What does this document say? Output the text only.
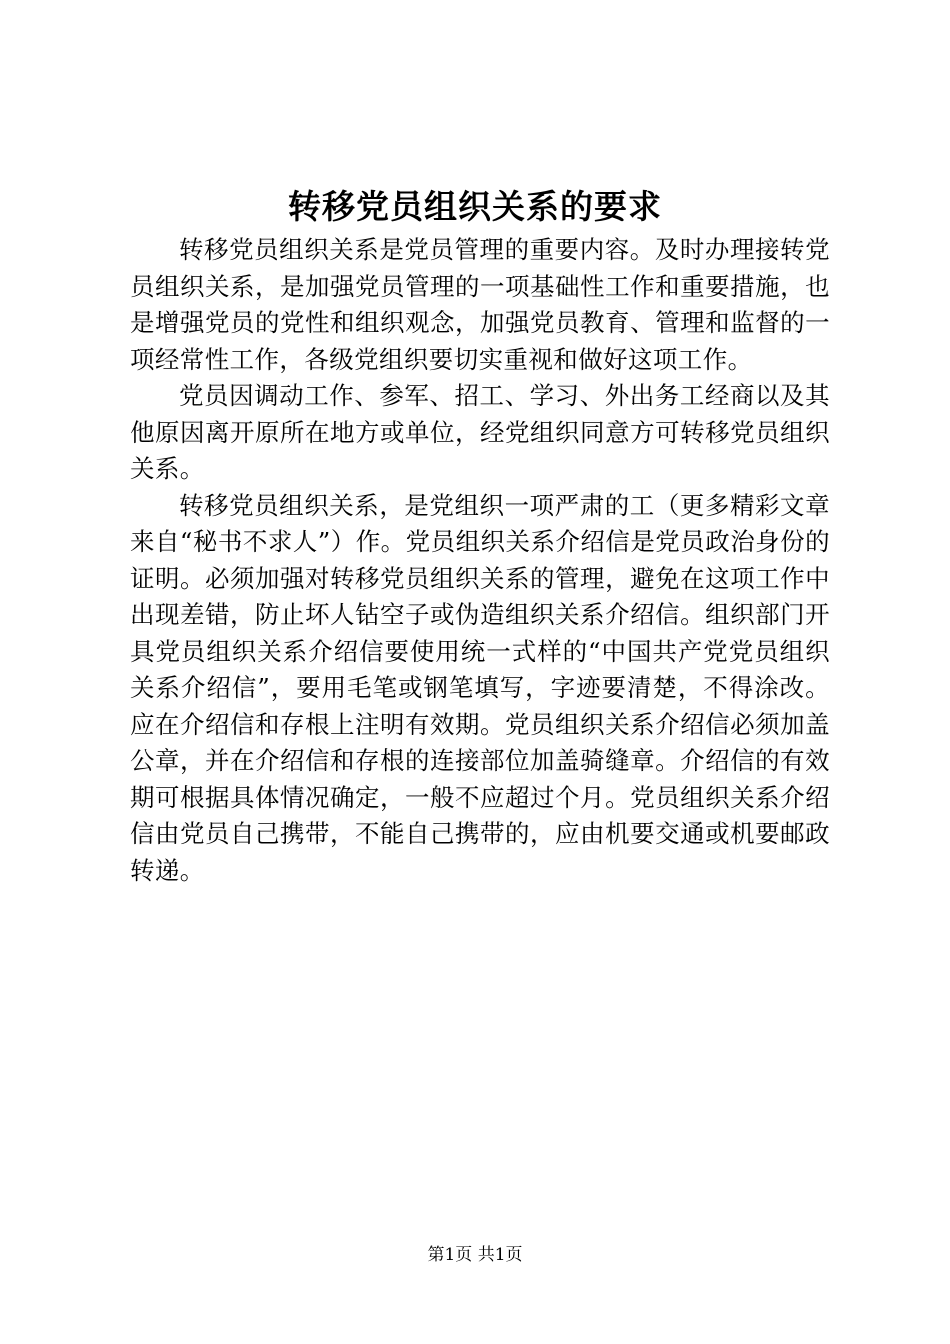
转移党员组织关系的要求

转移党员组织关系是党员管理的重要内容。及时办理接转党员组织关系，是加强党员管理的一项基础性工作和重要措施，也是增强党员的党性和组织观念，加强党员教育、管理和监督的一项经常性工作，各级党组织要切实重视和做好这项工作。

党员因调动工作、参军、招工、学习、外出务工经商以及其他原因离开原所在地方或单位，经党组织同意方可转移党员组织关系。

转移党员组织关系，是党组织一项严肃的工（更多精彩文章来自“秘书不求人”）作。党员组织关系介绍信是党员政治身份的证明。必须加强对转移党员组织关系的管理，避免在这项工作中出现差错，防止坏人钻空子或伪造组织关系介绍信。组织部门开具党员组织关系介绍信要使用统一式样的“中国共产党党员组织关系介绍信”，要用毛笔或钢笔填写，字迹要清楚，不得涂改。应在介绍信和存根上注明有效期。党员组织关系介绍信必须加盖公章，并在介绍信和存根的连接部位加盖骑缝章。介绍信的有效期可根据具体情况确定，一般不应超过个月。党员组织关系介绍信由党员自己携带，不能自己携带的，应由机要交通或机要邮政转递。

第1页 共1页
